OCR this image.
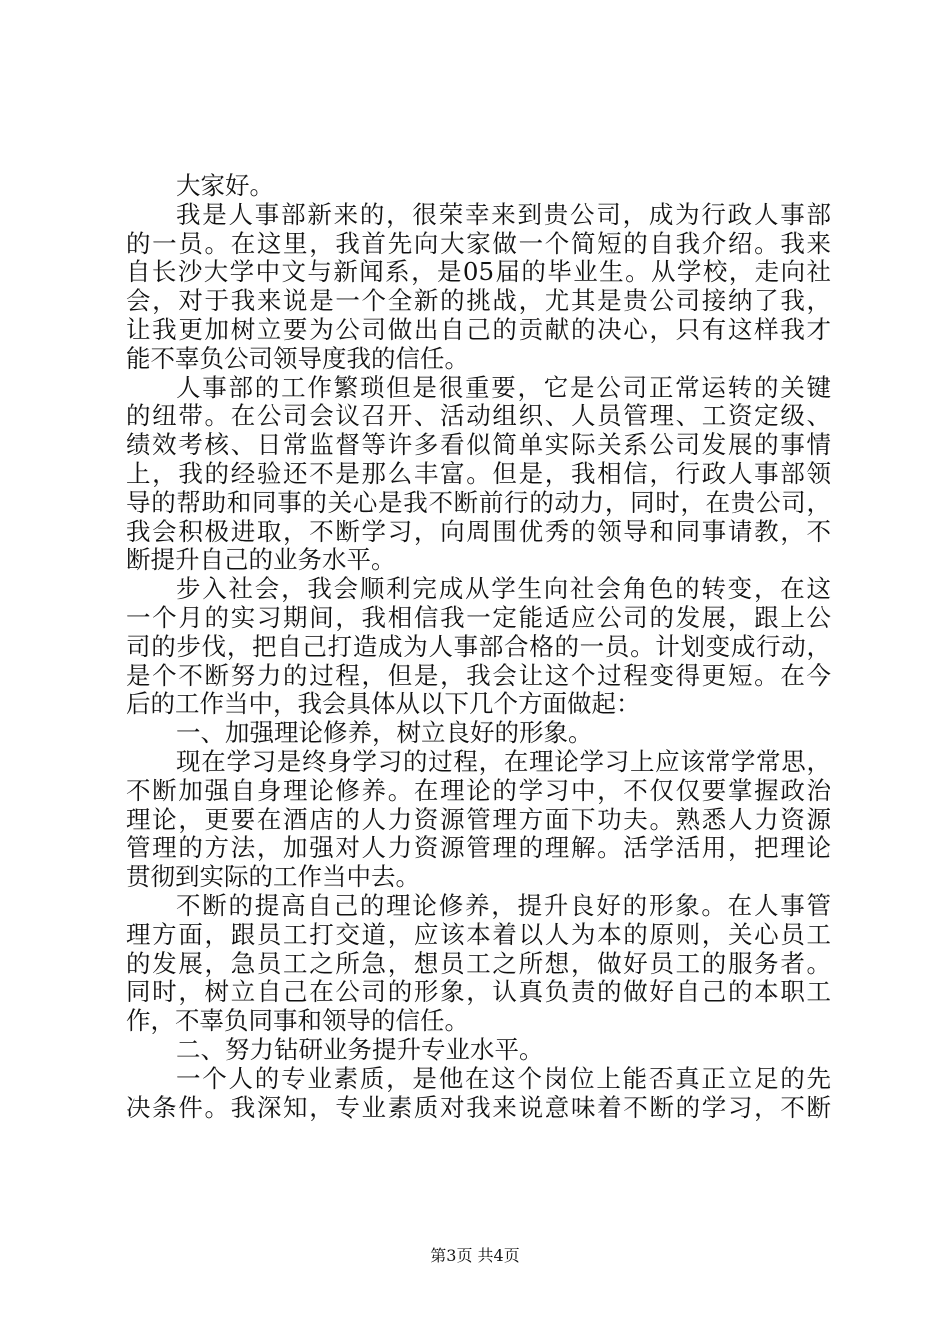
大家好。
我是人事部新来的，很荣幸来到贵公司，成为行政人事部
的一员。在这里，我首先向大家做一个简短的自我介绍。我来
自长沙大学中文与新闻系，是05届的毕业生。从学校，走向社
会，对于我来说是一个全新的挑战，尤其是贵公司接纳了我，
让我更加树立要为公司做出自己的贡献的决心，只有这样我才
能不辜负公司领导度我的信任。
人事部的工作繁琐但是很重要，它是公司正常运转的关键
的纽带。在公司会议召开、活动组织、人员管理、工资定级、
绩效考核、日常监督等许多看似简单实际关系公司发展的事情
上，我的经验还不是那么丰富。但是，我相信，行政人事部领
导的帮助和同事的关心是我不断前行的动力，同时，在贵公司，
我会积极进取，不断学习，向周围优秀的领导和同事请教，不
断提升自己的业务水平。
步入社会，我会顺利完成从学生向社会角色的转变，在这
一个月的实习期间，我相信我一定能适应公司的发展，跟上公
司的步伐，把自己打造成为人事部合格的一员。计划变成行动，
是个不断努力的过程，但是，我会让这个过程变得更短。在今
后的工作当中，我会具体从以下几个方面做起：
一、加强理论修养，树立良好的形象。
现在学习是终身学习的过程，在理论学习上应该常学常思，
不断加强自身理论修养。在理论的学习中，不仅仅要掌握政治
理论，更要在酒店的人力资源管理方面下功夫。熟悉人力资源
管理的方法，加强对人力资源管理的理解。活学活用，把理论
贯彻到实际的工作当中去。
不断的提高自己的理论修养，提升良好的形象。在人事管
理方面，跟员工打交道，应该本着以人为本的原则，关心员工
的发展，急员工之所急，想员工之所想，做好员工的服务者。
同时，树立自己在公司的形象，认真负责的做好自己的本职工
作，不辜负同事和领导的信任。
二、努力钻研业务提升专业水平。
一个人的专业素质，是他在这个岗位上能否真正立足的先
决条件。我深知，专业素质对我来说意味着不断的学习，不断
第3页 共4页
